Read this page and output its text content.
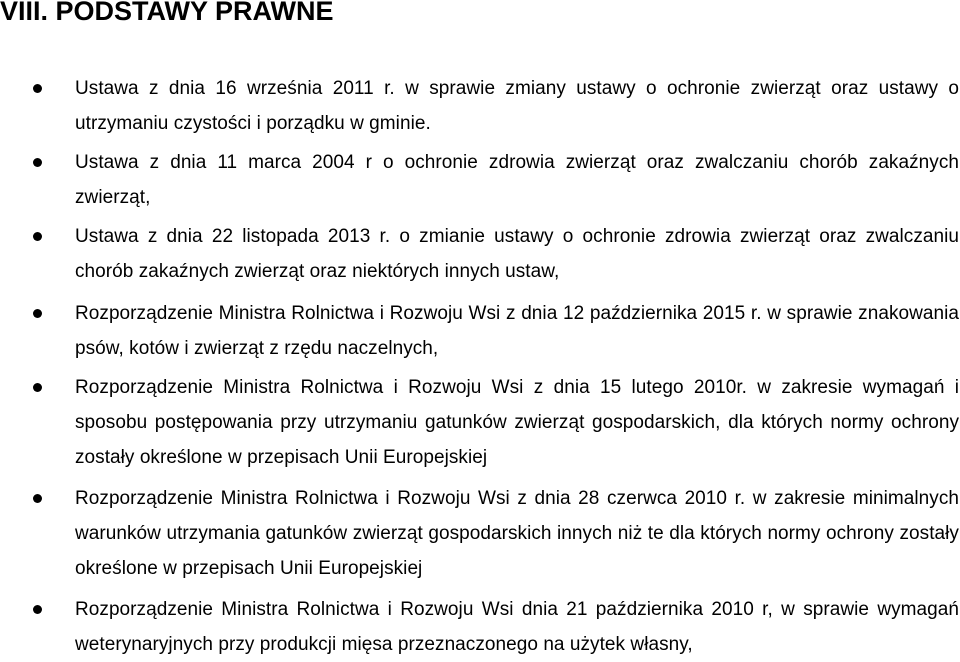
VIII. PODSTAWY PRAWNE

Ustawa z dnia 16 września 2011 r. w sprawie zmiany ustawy o ochronie zwierząt oraz ustawy o utrzymaniu czystości i porządku w gminie.

Ustawa z dnia 11 marca 2004 r o ochronie zdrowia zwierząt oraz zwalczaniu chorób zakaźnych zwierząt,

Ustawa z dnia 22 listopada 2013 r. o zmianie ustawy o ochronie zdrowia zwierząt oraz zwalczaniu chorób zakaźnych zwierząt oraz niektórych innych ustaw,

Rozporządzenie Ministra Rolnictwa i Rozwoju Wsi z dnia 12 października 2015 r. w sprawie znakowania psów, kotów i zwierząt z rzędu naczelnych,

Rozporządzenie Ministra Rolnictwa i Rozwoju Wsi z dnia 15 lutego 2010r. w zakresie wymagań i sposobu postępowania przy utrzymaniu gatunków zwierząt gospodarskich, dla których normy ochrony zostały określone w przepisach Unii Europejskiej

Rozporządzenie Ministra Rolnictwa i Rozwoju Wsi z dnia 28 czerwca 2010 r. w zakresie minimalnych warunków utrzymania gatunków zwierząt gospodarskich innych niż te dla których normy ochrony zostały określone w przepisach Unii Europejskiej

Rozporządzenie Ministra Rolnictwa i Rozwoju Wsi dnia 21 października 2010 r, w sprawie wymagań weterynaryjnych przy produkcji mięsa przeznaczonego na użytek własny,
